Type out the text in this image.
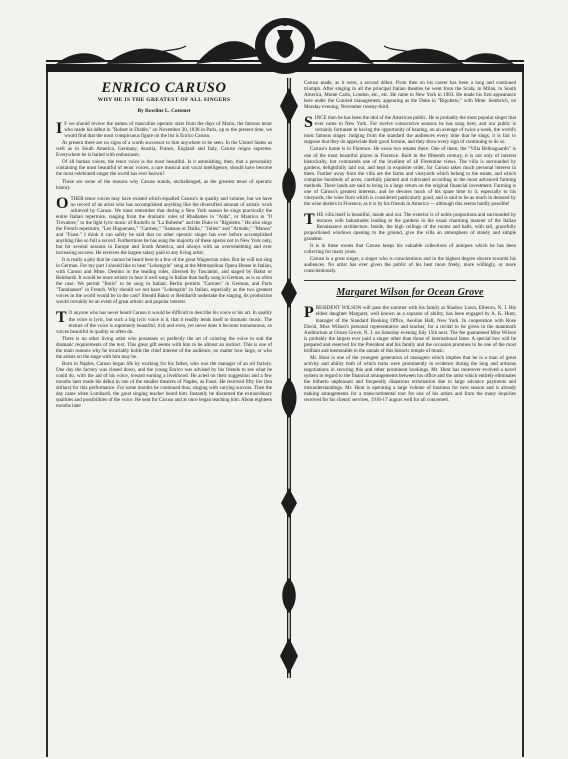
ENRICO CARUSO
WHY HE IS THE GREATEST OF ALL SINGERS
By Rowline L. Cottenet

I F we should review the names of masculine operatic stars from the days of Mario, the famous tenor who made his début in "Robert le Diable," on November 30, 1838 in Paris, up to the present time, we would find that the most conspicuous figure on the list is Enrico Caruso.

At present there are no signs of a worth successor to him anywhere to be seen. In the United States as well as in South America, Germany, Austria, France, England and Italy, Caruso reigns supreme. Everywhere he is hailed with enthusiasm.

Of all human voices, the tenor voice is the most beautiful. Is it astonishing, then, that a personality containing the most beautiful of tenor voices, a rare musical and vocal intelligence, should have become the most celebrated singer the world has ever known?

These are some of the reasons why Caruso stands, unchallenged, as the greatest tenor of operatic history.

OTHER tenor voices may have existed which equalled Caruso's in quality and volume, but we have no record of an artist who has accomplished anything like the diversified amount of artistic work achieved by Caruso. We must remember that during a New York season he sings practically the entire Italian repertoire, ranging from the dramatic roles of Rhadames in "Aida", or Manrico in "Il Trovatore," to the light lyric music of Rodolfo in "La Boheme" and the Duke in "Rigoletto." He also sings the French repertoire, "Les Huguenots," "Carmen," "Samson et Dalila," "Julien" and "Armide," "Manon" and "Faust." I think it can safely be said that no other operatic singer has ever before accomplished anything like so full a record. Furthermore he has sung the majority of these operas not in New York only, but for several seasons in Europe and South America, and always with an overwhelming and ever increasing success. He receives the largest salary paid to any living artist.

It is really a pity that he cannot be heard here in a few of the great Wagnerian roles. But he will not sing in German. For my part I should like to hear "Lohengrin" sung at the Metropolitan Opera House in Italian, with Caruso and Mme. Destinn in the leading roles, directed by Toscanini, and staged by Bakst or Reinhardt. It would be more artistic to hear it well sung in Italian than badly sung in German, as is so often the case. We permit "Boris" to be sung in Italian; Berlin permits "Carmen" in German, and Paris "Tannhauser" in French. Why should we not have "Lohengrin" in Italian, especially as the two greatest voices in the world would be in the cast? Should Bakst or Reinhardt undertake the staging, its production would certainly be an event of great artistic and popular interest.

T O anyone who has never heard Caruso it would be difficult to describe his voice or his art. In quality the voice is lyric, but such a big lyric voice is it, that it readily lends itself to dramatic music. The texture of the voice is supremely beautiful, rich and even, yet never does it become monotonous, so voices beautiful in quality so often do.

There is no other living artist who possesses so perfectly the art of coloring the voice to suit the dramatic requirements of the text. This great gift seems with him to be almost an instinct. This is one of the main reasons why he invariably holds the chief interest of the audience, no matter how large, or who the artists on the stage with him may be.

Born in Naples, Caruso began life by working for his father, who was the manager of an oil factory. One day the factory was closed down, and the young Enrico was advised by his friends to see what he could do, with the aid of his voice, toward earning a livelihood. He acted on their suggestion and a few months later made his début in one of the smaller theatres of Naples, as Faust. He received fifty lire (ten dollars) for this performance. For some months he continued thus, singing with varying success. Then the day came when Lombardi, the great singing teacher heard him. Instantly he discerned the extraordinary qualities and possibilities of the voice. He sent for Caruso and at once began teaching him. About eighteen months later

Caruso made, as it were, a second début. From then on his career has been a long and continued triumph. After singing in all the principal Italian theatres he went from the Scala, in Milan, to South America, Monte Carlo, London, etc., etc. He came to New York in 1903. He made his first appearance here under the Conried management, appearing as the Duke in "Rigoletto," with Mme. Sembrich, on Monday evening, November twenty-third.

SINCE then he has been the idol of the American public. He is probably the most popular singer that ever came to New York. For twelve consecutive seasons he has sung here, and our public is certainly fortunate in having the opportunity of hearing, on an average of twice a week, the world's most famous singer. Judging from the standard the audiences every time that he sings, it is fair to suppose that they do appreciate their good fortune, and they show every sign of continuing to do so.

Caruso's home is in Florence. He owns two estates there. One of them, the "Villa Bellosguardo" is one of the most beautiful places in Florence. Built in the fifteenth century, it is not only of interest historically, but commands one of the loveliest of all Florentine views. The villa is surrounded by gardens, delightfully laid out, and kept in exquisite order, for Caruso takes much personal interest in them. Further away from the villa are the farms and vineyards which belong to the estate, and which comprise hundreds of acres, carefully planted and cultivated according to the most advanced farming methods. There lands are said to bring in a large return on the original financial investment. Farming is one of Caruso's greatest interests, and he devotes much of his spare time to it, especially to his vineyards, the wine from which is considered particularly good, and is said to be as much in demand by the wine dealers in Florence, as it is by his friends in America — although this seems hardly possible!

THE villa itself is beautiful, inside and out. The exterior is of noble proportions and surrounded by terraces with balustrades leading to the gardens in the usual charming manner of the Italian Renaissance architecture. Inside, the high ceilings of the rooms and halls, with tall, gracefully proportioned windows opening to the ground, give the villa an atmosphere of stately and simple grandeur.

It is in these rooms that Caruso keeps his valuable collections of antiques which he has been collecting for many years.

Caruso is a great singer, a singer who is conscientious and in the highest degree sincere towards his audiences. No artist has ever given the public of his best more freely, more willingly, or more conscientiously.

Margaret Wilson for Ocean Grove

PRESIDENT WILSON will pass the summer with his family at Shadow Lawn, Elberon, N. J. His eldest daughter Margaret, well known as a soprano of ability, has been engaged by A. K. Hunt, manager of the Standard Booking Office, Aeolian Hall, New York. In cooperation with Rose David, Miss Wilson's personal representative and teacher, for a recital to be given in the mammoth Auditorium at Ocean Grove, N. J. on Saturday evening July 15th next. The fee guaranteed Miss Wilson is probably the largest ever paid a singer other than those of international fame. A special box will be prepared and reserved for the President and his family and the occasion promises to be one of the most brilliant and memorable in the annals of this historic temple of music.

Mr. Hunt is one of the youngest generation of managers which implies that he is a man of great activity and ability both of which traits were prominently in evidence during the long and arduous negotiations in securing this and other prominent bookings. Mr. Hunt has moreover evolved a novel system in regard to the financial arrangements between his office and the artist which entirely eliminates the hitherto unpleasant and frequently disastrous termination due to large advance payments and misunderstandings. Mr. Hunt is operating a large volume of business for next season and is already making arrangements for a transcontinental tour for one of his artists and from the many inquiries received for his clients' services, 1916-17 augurs well for all concerned.
